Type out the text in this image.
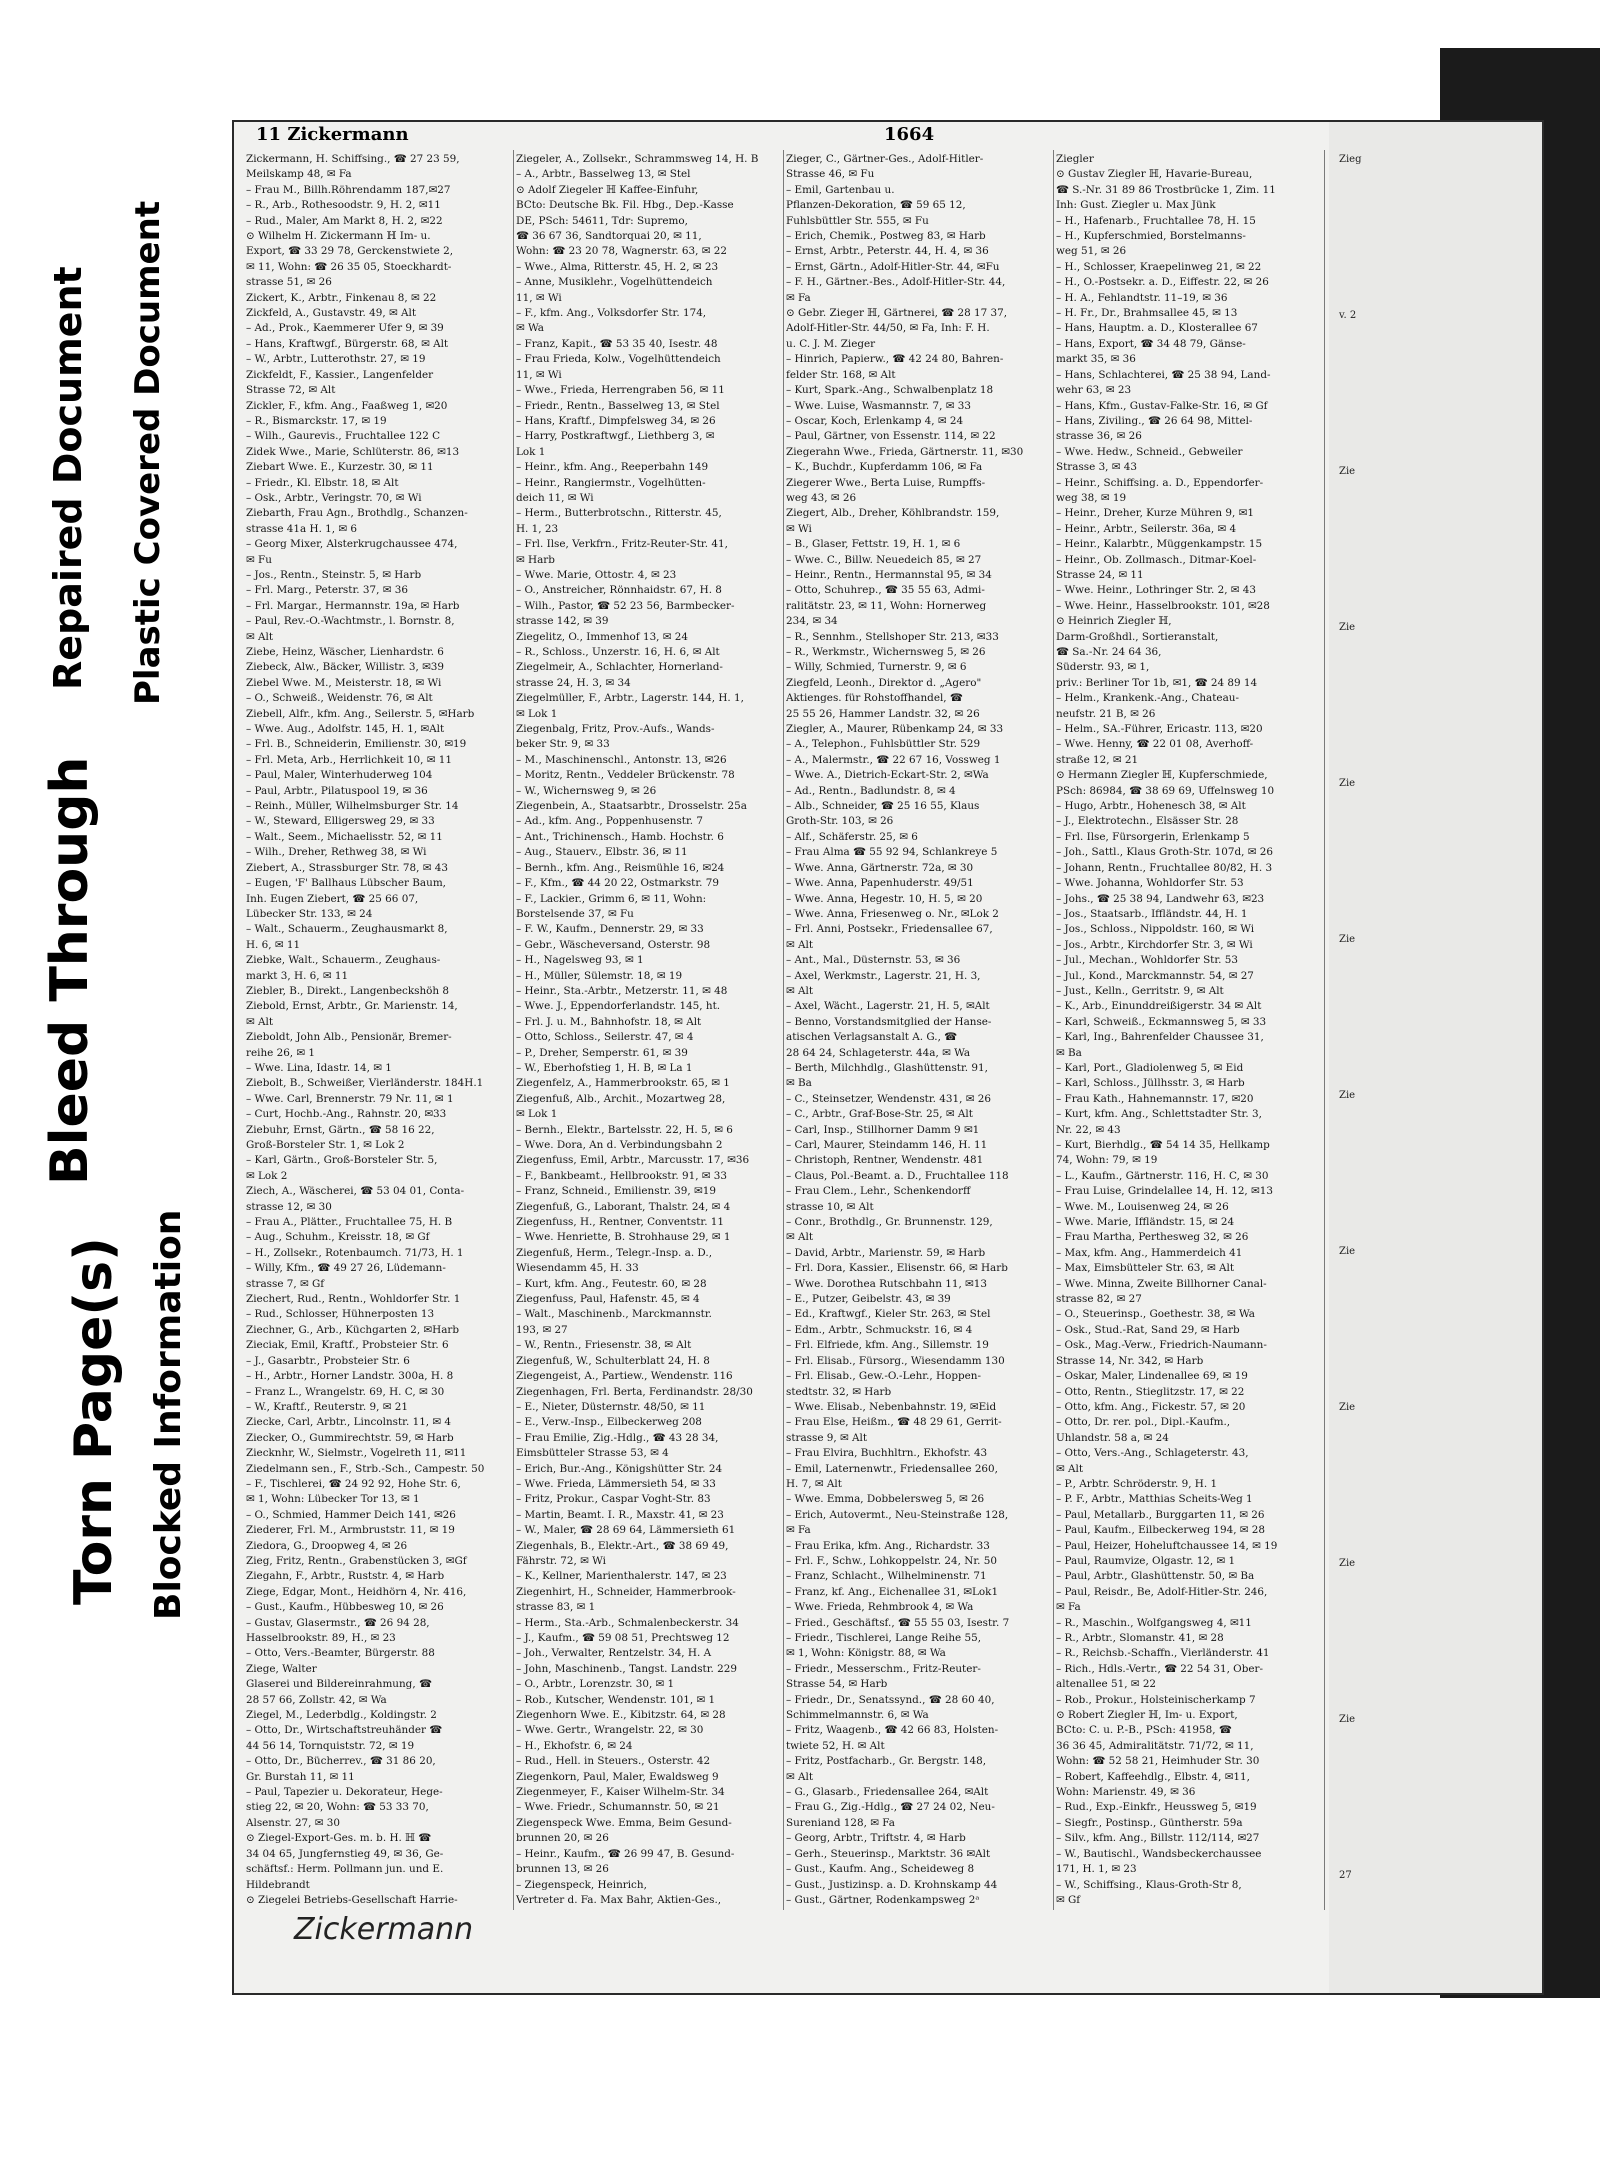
Bleed Through
Repaired Document
Torn Page(s) Blocked Information
Plastic Covered Document
11 Zickermann	1664

Zickermann, H. Schiffsing., ☎ 27 23 59,

Meilskamp 48, ✉ Fa

– Frau M., Billh.Röhrendamm 187,✉27

– R., Arb., Rothesoodstr. 9, H. 2, ✉11

– Rud., Maler, Am Markt 8, H. 2, ✉22

⊙ Wilhelm H. Zickermann ℍ Im- u.

Export, ☎ 33 29 78, Gerckenstwiete 2,

✉ 11, Wohn: ☎ 26 35 05, Stoeckhardt-

strasse 51, ✉ 26

Zickert, K., Arbtr., Finkenau 8, ✉ 22

Zickfeld, A., Gustavstr. 49, ✉ Alt

– Ad., Prok., Kaemmerer Ufer 9, ✉ 39

– Hans, Kraftwgf., Bürgerstr. 68, ✉ Alt

– W., Arbtr., Lutterothstr. 27, ✉ 19

Zickfeldt, F., Kassier., Langenfelder

Strasse 72, ✉ Alt

Zickler, F., kfm. Ang., Faaßweg 1, ✉20

– R., Bismarckstr. 17, ✉ 19

– Wilh., Gaurevis., Fruchtallee 122 C

Zidek Wwe., Marie, Schlüterstr. 86, ✉13

Ziebart Wwe. E., Kurzestr. 30, ✉ 11

– Friedr., Kl. Elbstr. 18, ✉ Alt

– Osk., Arbtr., Veringstr. 70, ✉ Wi

Ziebarth, Frau Agn., Brothdlg., Schanzen-

strasse 41a H. 1, ✉ 6

– Georg Mixer, Alsterkrugchaussee 474,

✉ Fu

– Jos., Rentn., Steinstr. 5, ✉ Harb

– Frl. Marg., Peterstr. 37, ✉ 36

– Frl. Margar., Hermannstr. 19a, ✉ Harb

– Paul, Rev.-O.-Wachtmstr., l. Bornstr. 8,

✉ Alt

Ziebe, Heinz, Wäscher, Lienhardstr. 6

Ziebeck, Alw., Bäcker, Willistr. 3, ✉39

Ziebel Wwe. M., Meisterstr. 18, ✉ Wi

– O., Schweiß., Weidenstr. 76, ✉ Alt

Ziebell, Alfr., kfm. Ang., Seilerstr. 5, ✉Harb

– Wwe. Aug., Adolfstr. 145, H. 1, ✉Alt

– Frl. B., Schneiderin, Emilienstr. 30, ✉19

– Frl. Meta, Arb., Herrlichkeit 10, ✉ 11

– Paul, Maler, Winterhuderweg 104

– Paul, Arbtr., Pilatuspool 19, ✉ 36

– Reinh., Müller, Wilhelmsburger Str. 14

– W., Steward, Elligersweg 29, ✉ 33

– Walt., Seem., Michaelisstr. 52, ✉ 11

– Wilh., Dreher, Rethweg 38, ✉ Wi

Ziebert, A., Strassburger Str. 78, ✉ 43

– Eugen, 'F' Ballhaus Lübscher Baum,

Inh. Eugen Ziebert, ☎ 25 66 07,

Lübecker Str. 133, ✉ 24

– Walt., Schauerm., Zeughausmarkt 8,

H. 6, ✉ 11

Ziebke, Walt., Schauerm., Zeughaus-

markt 3, H. 6, ✉ 11

Ziebler, B., Direkt., Langenbeckshöh 8

Ziebold, Ernst, Arbtr., Gr. Marienstr. 14,

✉ Alt

Zieboldt, John Alb., Pensionär, Bremer-

reihe 26, ✉ 1

– Wwe. Lina, Idastr. 14, ✉ 1

Ziebolt, B., Schweißer, Vierländerstr. 184H.1

– Wwe. Carl, Brennerstr. 79 Nr. 11, ✉ 1

– Curt, Hochb.-Ang., Rahnstr. 20, ✉33

Ziebuhr, Ernst, Gärtn., ☎ 58 16 22,

Groß-Borsteler Str. 1, ✉ Lok 2

– Karl, Gärtn., Groß-Borsteler Str. 5,

✉ Lok 2

Ziech, A., Wäscherei, ☎ 53 04 01, Conta-

strasse 12, ✉ 30

– Frau A., Plätter., Fruchtallee 75, H. B

– Aug., Schuhm., Kreisstr. 18, ✉ Gf

– H., Zollsekr., Rotenbaumch. 71/73, H. 1

– Willy, Kfm., ☎ 49 27 26, Lüdemann-

strasse 7, ✉ Gf

Ziechert, Rud., Rentn., Wohldorfer Str. 1

– Rud., Schlosser, Hühnerposten 13

Ziechner, G., Arb., Küchgarten 2, ✉Harb

Zieciak, Emil, Kraftf., Probsteier Str. 6

– J., Gasarbtr., Probsteier Str. 6

– H., Arbtr., Horner Landstr. 300a, H. 8

– Franz L., Wrangelstr. 69, H. C, ✉ 30

– W., Kraftf., Reuterstr. 9, ✉ 21

Ziecke, Carl, Arbtr., Lincolnstr. 11, ✉ 4

Ziecker, O., Gummirechtstr. 59, ✉ Harb

Ziecknhr, W., Sielmstr., Vogelreth 11, ✉11

Ziedelmann sen., F., Strb.-Sch., Campestr. 50

– F., Tischlerei, ☎ 24 92 92, Hohe Str. 6,

✉ 1, Wohn: Lübecker Tor 13, ✉ 1

– O., Schmied, Hammer Deich 141, ✉26

Ziederer, Frl. M., Armbruststr. 11, ✉ 19

Ziedora, G., Droopweg 4, ✉ 26

Zieg, Fritz, Rentn., Grabenstücken 3, ✉Gf

Ziegahn, F., Arbtr., Ruststr. 4, ✉ Harb

Ziege, Edgar, Mont., Heidhörn 4, Nr. 416,

– Gust., Kaufm., Hübbesweg 10, ✉ 26

– Gustav, Glasermstr., ☎ 26 94 28,

Hasselbrookstr. 89, H., ✉ 23

– Otto, Vers.-Beamter, Bürgerstr. 88

Ziege, Walter

Glaserei und Bildereinrahmung, ☎

28 57 66, Zollstr. 42, ✉ Wa

Ziegel, M., Lederbdlg., Koldingstr. 2

– Otto, Dr., Wirtschaftstreuhänder ☎

44 56 14, Tornquiststr. 72, ✉ 19

– Otto, Dr., Bücherrev., ☎ 31 86 20,

Gr. Burstah 11, ✉ 11

– Paul, Tapezier u. Dekorateur, Hege-

stieg 22, ✉ 20, Wohn: ☎ 53 33 70,

Alsenstr. 27, ✉ 30

⊙ Ziegel-Export-Ges. m. b. H. ℍ ☎

34 04 65, Jungfernstieg 49, ✉ 36, Ge-

schäftsf.: Herm. Pollmann jun. und E.

Hildebrandt

⊙ Ziegelei Betriebs-Gesellschaft Harrie-

Ziegeler, A., Zollsekr., Schrammsweg 14, H. B

– A., Arbtr., Basselweg 13, ✉ Stel

⊙ Adolf Ziegeler ℍ Kaffee-Einfuhr,

BCto: Deutsche Bk. Fil. Hbg., Dep.-Kasse

DE, PSch: 54611, Tdr: Supremo,

☎ 36 67 36, Sandtorquai 20, ✉ 11,

Wohn: ☎ 23 20 78, Wagnerstr. 63, ✉ 22

– Wwe., Alma, Ritterstr. 45, H. 2, ✉ 23

– Anne, Musiklehr., Vogelhüttendeich

11, ✉ Wi

– F., kfm. Ang., Volksdorfer Str. 174,

✉ Wa

– Franz, Kapit., ☎ 53 35 40, Isestr. 48

– Frau Frieda, Kolw., Vogelhüttendeich

11, ✉ Wi

– Wwe., Frieda, Herrengraben 56, ✉ 11

– Friedr., Rentn., Basselweg 13, ✉ Stel

– Hans, Kraftf., Dimpfelsweg 34, ✉ 26

– Harry, Postkraftwgf., Liethberg 3, ✉

Lok 1

– Heinr., kfm. Ang., Reeperbahn 149

– Heinr., Rangiermstr., Vogelhütten-

deich 11, ✉ Wi

– Herm., Butterbrotschn., Ritterstr. 45,

H. 1, 23

– Frl. Ilse, Verkfrn., Fritz-Reuter-Str. 41,

✉ Harb

– Wwe. Marie, Ottostr. 4, ✉ 23

– O., Anstreicher, Rönnhaidstr. 67, H. 8

– Wilh., Pastor, ☎ 52 23 56, Barmbecker-

strasse 142, ✉ 39

Ziegelitz, O., Immenhof 13, ✉ 24

– R., Schloss., Unzerstr. 16, H. 6, ✉ Alt

Ziegelmeir, A., Schlachter, Hornerland-

strasse 24, H. 3, ✉ 34

Ziegelmüller, F., Arbtr., Lagerstr. 144, H. 1,

✉ Lok 1

Ziegenbalg, Fritz, Prov.-Aufs., Wands-

beker Str. 9, ✉ 33

– M., Maschinenschl., Antonstr. 13, ✉26

– Moritz, Rentn., Veddeler Brückenstr. 78

– W., Wichernsweg 9, ✉ 26

Ziegenbein, A., Staatsarbtr., Drosselstr. 25a

– Ad., kfm. Ang., Poppenhusenstr. 7

– Ant., Trichinensch., Hamb. Hochstr. 6

– Aug., Stauerv., Elbstr. 36, ✉ 11

– Bernh., kfm. Ang., Reismühle 16, ✉24

– F., Kfm., ☎ 44 20 22, Ostmarkstr. 79

– F., Lackier., Grimm 6, ✉ 11, Wohn:

Borstelsende 37, ✉ Fu

– F. W., Kaufm., Dennerstr. 29, ✉ 33

– Gebr., Wäscheversand, Osterstr. 98

– H., Nagelsweg 93, ✉ 1

– H., Müller, Sülemstr. 18, ✉ 19

– Heinr., Sta.-Arbtr., Metzerstr. 11, ✉ 48

– Wwe. J., Eppendorferlandstr. 145, ht.

– Frl. J. u. M., Bahnhofstr. 18, ✉ Alt

– Otto, Schloss., Seilerstr. 47, ✉ 4

– P., Dreher, Semperstr. 61, ✉ 39

– W., Eberhofstieg 1, H. B, ✉ La 1

Ziegenfelz, A., Hammerbrookstr. 65, ✉ 1

Ziegenfuß, Alb., Archit., Mozartweg 28,

✉ Lok 1

– Bernh., Elektr., Bartelsstr. 22, H. 5, ✉ 6

– Wwe. Dora, An d. Verbindungsbahn 2

Ziegenfuss, Emil, Arbtr., Marcusstr. 17, ✉36

– F., Bankbeamt., Hellbrookstr. 91, ✉ 33

– Franz, Schneid., Emilienstr. 39, ✉19

Ziegenfuß, G., Laborant, Thalstr. 24, ✉ 4

Ziegenfuss, H., Rentner, Conventstr. 11

– Wwe. Henriette, B. Strohhause 29, ✉ 1

Ziegenfuß, Herm., Telegr.-Insp. a. D.,

Wiesendamm 45, H. 33

– Kurt, kfm. Ang., Feutestr. 60, ✉ 28

Ziegenfuss, Paul, Hafenstr. 45, ✉ 4

– Walt., Maschinenb., Marckmannstr.

193, ✉ 27

– W., Rentn., Friesenstr. 38, ✉ Alt

Ziegenfuß, W., Schulterblatt 24, H. 8

Ziegengeist, A., Partiew., Wendenstr. 116

Ziegenhagen, Frl. Berta, Ferdinandstr. 28/30

– E., Nieter, Düsternstr. 48/50, ✉ 11

– E., Verw.-Insp., Eilbeckerweg 208

– Frau Emilie, Zig.-Hdlg., ☎ 43 28 34,

Eimsbütteler Strasse 53, ✉ 4

– Erich, Bur.-Ang., Königshütter Str. 24

– Wwe. Frieda, Lämmersieth 54, ✉ 33

– Fritz, Prokur., Caspar Voght-Str. 83

– Martin, Beamt. I. R., Maxstr. 41, ✉ 23

– W., Maler, ☎ 28 69 64, Lämmersieth 61

Ziegenhals, B., Elektr.-Art., ☎ 38 69 49,

Fährstr. 72, ✉ Wi

– K., Kellner, Marienthalerstr. 147, ✉ 23

Ziegenhirt, H., Schneider, Hammerbrook-

strasse 83, ✉ 1

– Herm., Sta.-Arb., Schmalenbeckerstr. 34

– J., Kaufm., ☎ 59 08 51, Prechtsweg 12

– Joh., Verwalter, Rentzelstr. 34, H. A

– John, Maschinenb., Tangst. Landstr. 229

– O., Arbtr., Lorenzstr. 30, ✉ 1

– Rob., Kutscher, Wendenstr. 101, ✉ 1

Ziegenhorn Wwe. E., Kibitzstr. 64, ✉ 28

– Wwe. Gertr., Wrangelstr. 22, ✉ 30

– H., Ekhofstr. 6, ✉ 24

– Rud., Hell. in Steuers., Osterstr. 42

Ziegenkorn, Paul, Maler, Ewaldsweg 9

Ziegenmeyer, F., Kaiser Wilhelm-Str. 34

– Wwe. Friedr., Schumannstr. 50, ✉ 21

Ziegenspeck Wwe. Emma, Beim Gesund-

brunnen 20, ✉ 26

– Heinr., Kaufm., ☎ 26 99 47, B. Gesund-

brunnen 13, ✉ 26

– Ziegenspeck, Heinrich,

Vertreter d. Fa. Max Bahr, Aktien-Ges.,

Zieger, C., Gärtner-Ges., Adolf-Hitler-

Strasse 46, ✉ Fu

– Emil, Gartenbau u.

Pflanzen-Dekoration, ☎ 59 65 12,

Fuhlsbüttler Str. 555, ✉ Fu

– Erich, Chemik., Postweg 83, ✉ Harb

– Ernst, Arbtr., Peterstr. 44, H. 4, ✉ 36

– Ernst, Gärtn., Adolf-Hitler-Str. 44, ✉Fu

– F. H., Gärtner.-Bes., Adolf-Hitler-Str. 44,

✉ Fa

⊙ Gebr. Zieger ℍ, Gärtnerei, ☎ 28 17 37,

Adolf-Hitler-Str. 44/50, ✉ Fa, Inh: F. H.

u. C. J. M. Zieger

– Hinrich, Papierw., ☎ 42 24 80, Bahren-

felder Str. 168, ✉ Alt

– Kurt, Spark.-Ang., Schwalbenplatz 18

– Wwe. Luise, Wasmannstr. 7, ✉ 33

– Oscar, Koch, Erlenkamp 4, ✉ 24

– Paul, Gärtner, von Essenstr. 114, ✉ 22

Ziegerahn Wwe., Frieda, Gärtnerstr. 11, ✉30

– K., Buchdr., Kupferdamm 106, ✉ Fa

Ziegerer Wwe., Berta Luise, Rumpffs-

weg 43, ✉ 26

Ziegert, Alb., Dreher, Köhlbrandstr. 159,

✉ Wi

– B., Glaser, Fettstr. 19, H. 1, ✉ 6

– Wwe. C., Billw. Neuedeich 85, ✉ 27

– Heinr., Rentn., Hermannstal 95, ✉ 34

– Otto, Schuhrep., ☎ 35 55 63, Admi-

ralitätstr. 23, ✉ 11, Wohn: Hornerweg

234, ✉ 34

– R., Sennhm., Stellshoper Str. 213, ✉33

– R., Werkmstr., Wichernsweg 5, ✉ 26

– Willy, Schmied, Turnerstr. 9, ✉ 6

Ziegfeld, Leonh., Direktor d. „Agero"

Aktienges. für Rohstoffhandel, ☎

25 55 26, Hammer Landstr. 32, ✉ 26

Ziegler, A., Maurer, Rübenkamp 24, ✉ 33

– A., Telephon., Fuhlsbüttler Str. 529

– A., Malermstr., ☎ 22 67 16, Vossweg 1

– Wwe. A., Dietrich-Eckart-Str. 2, ✉Wa

– Ad., Rentn., Badlundstr. 8, ✉ 4

– Alb., Schneider, ☎ 25 16 55, Klaus

Groth-Str. 103, ✉ 26

– Alf., Schäferstr. 25, ✉ 6

– Frau Alma ☎ 55 92 94, Schlankreye 5

– Wwe. Anna, Gärtnerstr. 72a, ✉ 30

– Wwe. Anna, Papenhuderstr. 49/51

– Wwe. Anna, Hegestr. 10, H. 5, ✉ 20

– Wwe. Anna, Friesenweg o. Nr., ✉Lok 2

– Frl. Anni, Postsekr., Friedensallee 67,

✉ Alt

– Ant., Mal., Düsternstr. 53, ✉ 36

– Axel, Werkmstr., Lagerstr. 21, H. 3,

✉ Alt

– Axel, Wächt., Lagerstr. 21, H. 5, ✉Alt

– Benno, Vorstandsmitglied der Hanse-

atischen Verlagsanstalt A. G., ☎

28 64 24, Schlageterstr. 44a, ✉ Wa

– Berth, Milchhdlg., Glashüttenstr. 91,

✉ Ba

– C., Steinsetzer, Wendenstr. 431, ✉ 26

– C., Arbtr., Graf-Bose-Str. 25, ✉ Alt

– Carl, Insp., Stillhorner Damm 9 ✉1

– Carl, Maurer, Steindamm 146, H. 11

– Christoph, Rentner, Wendenstr. 481

– Claus, Pol.-Beamt. a. D., Fruchtallee 118

– Frau Clem., Lehr., Schenkendorff

strasse 10, ✉ Alt

– Conr., Brothdlg., Gr. Brunnenstr. 129,

✉ Alt

– David, Arbtr., Marienstr. 59, ✉ Harb

– Frl. Dora, Kassier., Elisenstr. 66, ✉ Harb

– Wwe. Dorothea Rutschbahn 11, ✉13

– E., Putzer, Geibelstr. 43, ✉ 39

– Ed., Kraftwgf., Kieler Str. 263, ✉ Stel

– Edm., Arbtr., Schmuckstr. 16, ✉ 4

– Frl. Elfriede, kfm. Ang., Sillemstr. 19

– Frl. Elisab., Fürsorg., Wiesendamm 130

– Frl. Elisab., Gew.-O.-Lehr., Hoppen-

stedtstr. 32, ✉ Harb

– Wwe. Elisab., Nebenbahnstr. 19, ✉Eid

– Frau Else, Heißm., ☎ 48 29 61, Gerrit-

strasse 9, ✉ Alt

– Frau Elvira, Buchhltrn., Ekhofstr. 43

– Emil, Laternenwtr., Friedensallee 260,

H. 7, ✉ Alt

– Wwe. Emma, Dobbelersweg 5, ✉ 26

– Erich, Autovermt., Neu-Steinstraße 128,

✉ Fa

– Frau Erika, kfm. Ang., Richardstr. 33

– Frl. F., Schw., Lohkoppelstr. 24, Nr. 50

– Franz, Schlacht., Wilhelminenstr. 71

– Franz, kf. Ang., Eichenallee 31, ✉Lok1

– Wwe. Frieda, Rehmbrook 4, ✉ Wa

– Fried., Geschäftsf., ☎ 55 55 03, Isestr. 7

– Friedr., Tischlerei, Lange Reihe 55,

✉ 1, Wohn: Königstr. 88, ✉ Wa

– Friedr., Messerschm., Fritz-Reuter-

Strasse 54, ✉ Harb

– Friedr., Dr., Senatssynd., ☎ 28 60 40,

Schimmelmannstr. 6, ✉ Wa

– Fritz, Waagenb., ☎ 42 66 83, Holsten-

twiete 52, H. ✉ Alt

– Fritz, Postfacharb., Gr. Bergstr. 148,

✉ Alt

– G., Glasarb., Friedensallee 264, ✉Alt

– Frau G., Zig.-Hdlg., ☎ 27 24 02, Neu-

Sureniand 128, ✉ Fa

– Georg, Arbtr., Triftstr. 4, ✉ Harb

– Gerh., Steuerinsp., Marktstr. 36 ✉Alt

– Gust., Kaufm. Ang., Scheideweg 8

– Gust., Justizinsp. a. D. Krohnskamp 44

– Gust., Gärtner, Rodenkampsweg 2ᵃ

Ziegler

⊙ Gustav Ziegler ℍ, Havarie-Bureau,

☎ S.-Nr. 31 89 86 Trostbrücke 1, Zim. 11

Inh: Gust. Ziegler u. Max Jünk

– H., Hafenarb., Fruchtallee 78, H. 15

– H., Kupferschmied, Borstelmanns-

weg 51, ✉ 26

– H., Schlosser, Kraepelinweg 21, ✉ 22

– H., O.-Postsekr. a. D., Eiffestr. 22, ✉ 26

– H. A., Fehlandtstr. 11–19, ✉ 36

– H. Fr., Dr., Brahmsallee 45, ✉ 13

– Hans, Hauptm. a. D., Klosterallee 67

– Hans, Export, ☎ 34 48 79, Gänse-

markt 35, ✉ 36

– Hans, Schlachterei, ☎ 25 38 94, Land-

wehr 63, ✉ 23

– Hans, Kfm., Gustav-Falke-Str. 16, ✉ Gf

– Hans, Ziviling., ☎ 26 64 98, Mittel-

strasse 36, ✉ 26

– Wwe. Hedw., Schneid., Gebweiler

Strasse 3, ✉ 43

– Heinr., Schiffsing. a. D., Eppendorfer-

weg 38, ✉ 19

– Heinr., Dreher, Kurze Mühren 9, ✉1

– Heinr., Arbtr., Seilerstr. 36a, ✉ 4

– Heinr., Kalarbtr., Müggenkampstr. 15

– Heinr., Ob. Zollmasch., Ditmar-Koel-

Strasse 24, ✉ 11

– Wwe. Heinr., Lothringer Str. 2, ✉ 43

– Wwe. Heinr., Hasselbrookstr. 101, ✉28

⊙ Heinrich Ziegler ℍ,

Darm-Großhdl., Sortieranstalt,

☎ Sa.-Nr. 24 64 36,

Süderstr. 93, ✉ 1,

priv.: Berliner Tor 1b, ✉1, ☎ 24 89 14

– Helm., Krankenk.-Ang., Chateau-

neufstr. 21 B, ✉ 26

– Helm., SA.-Führer, Ericastr. 113, ✉20

– Wwe. Henny, ☎ 22 01 08, Averhoff-

straße 12, ✉ 21

⊙ Hermann Ziegler ℍ, Kupferschmiede,

PSch: 86984, ☎ 38 69 69, Uffelnsweg 10

– Hugo, Arbtr., Hohenesch 38, ✉ Alt

– J., Elektrotechn., Elsässer Str. 28

– Frl. Ilse, Fürsorgerin, Erlenkamp 5

– Joh., Sattl., Klaus Groth-Str. 107d, ✉ 26

– Johann, Rentn., Fruchtallee 80/82, H. 3

– Wwe. Johanna, Wohldorfer Str. 53

– Johs., ☎ 25 38 94, Landwehr 63, ✉23

– Jos., Staatsarb., Iffländstr. 44, H. 1

– Jos., Schloss., Nippoldstr. 160, ✉ Wi

– Jos., Arbtr., Kirchdorfer Str. 3, ✉ Wi

– Jul., Mechan., Wohldorfer Str. 53

– Jul., Kond., Marckmannstr. 54, ✉ 27

– Just., Kelln., Gerritstr. 9, ✉ Alt

– K., Arb., Einunddreißigerstr. 34 ✉ Alt

– Karl, Schweiß., Eckmannsweg 5, ✉ 33

– Karl, Ing., Bahrenfelder Chaussee 31,

✉ Ba

– Karl, Port., Gladiolenweg 5, ✉ Eid

– Karl, Schloss., Jüllhsstr. 3, ✉ Harb

– Frau Kath., Hahnemannstr. 17, ✉20

– Kurt, kfm. Ang., Schlettstadter Str. 3,

Nr. 22, ✉ 43

– Kurt, Bierhdlg., ☎ 54 14 35, Hellkamp

74, Wohn: 79, ✉ 19

– L., Kaufm., Gärtnerstr. 116, H. C, ✉ 30

– Frau Luise, Grindelallee 14, H. 12, ✉13

– Wwe. M., Louisenweg 24, ✉ 26

– Wwe. Marie, Iffländstr. 15, ✉ 24

– Frau Martha, Perthesweg 32, ✉ 26

– Max, kfm. Ang., Hammerdeich 41

– Max, Eimsbütteler Str. 63, ✉ Alt

– Wwe. Minna, Zweite Billhorner Canal-

strasse 82, ✉ 27

– O., Steuerinsp., Goethestr. 38, ✉ Wa

– Osk., Stud.-Rat, Sand 29, ✉ Harb

– Osk., Mag.-Verw., Friedrich-Naumann-

Strasse 14, Nr. 342, ✉ Harb

– Oskar, Maler, Lindenallee 69, ✉ 19

– Otto, Rentn., Stieglitzstr. 17, ✉ 22

– Otto, kfm. Ang., Fickestr. 57, ✉ 20

– Otto, Dr. rer. pol., Dipl.-Kaufm.,

Uhlandstr. 58 a, ✉ 24

– Otto, Vers.-Ang., Schlageterstr. 43,

✉ Alt

– P., Arbtr. Schröderstr. 9, H. 1

– P. F., Arbtr., Matthias Scheits-Weg 1

– Paul, Metallarb., Burggarten 11, ✉ 26

– Paul, Kaufm., Eilbeckerweg 194, ✉ 28

– Paul, Heizer, Hoheluftchaussee 14, ✉ 19

– Paul, Raumvize, Olgastr. 12, ✉ 1

– Paul, Arbtr., Glashüttenstr. 50, ✉ Ba

– Paul, Reisdr., Be, Adolf-Hitler-Str. 246,

✉ Fa

– R., Maschin., Wolfgangsweg 4, ✉11

– R., Arbtr., Slomanstr. 41, ✉ 28

– R., Reichsb.-Schaffn., Vierländerstr. 41

– Rich., Hdls.-Vertr., ☎ 22 54 31, Ober-

altenallee 51, ✉ 22

– Rob., Prokur., Holsteinischerkamp 7

⊙ Robert Ziegler ℍ, Im- u. Export,

BCto: C. u. P.-B., PSch: 41958, ☎

36 36 45, Admiralitätstr. 71/72, ✉ 11,

Wohn: ☎ 52 58 21, Heimhuder Str. 30

– Robert, Kaffeehdlg., Elbstr. 4, ✉11,

Wohn: Marienstr. 49, ✉ 36

– Rud., Exp.-Einkfr., Heussweg 5, ✉19

– Siegfr., Postinsp., Güntherstr. 59a

– Silv., kfm. Ang., Billstr. 112/114, ✉27

– W., Bautischl., Wandsbeckerchaussee

171, H. 1, ✉ 23

– W., Schiffsing., Klaus-Groth-Str 8,

✉ Gf

Zieg

v. 2

Zie

Zie

Zie

Zie

Zie

Zie

Zie

Zie

Zie

27

Zickermann
